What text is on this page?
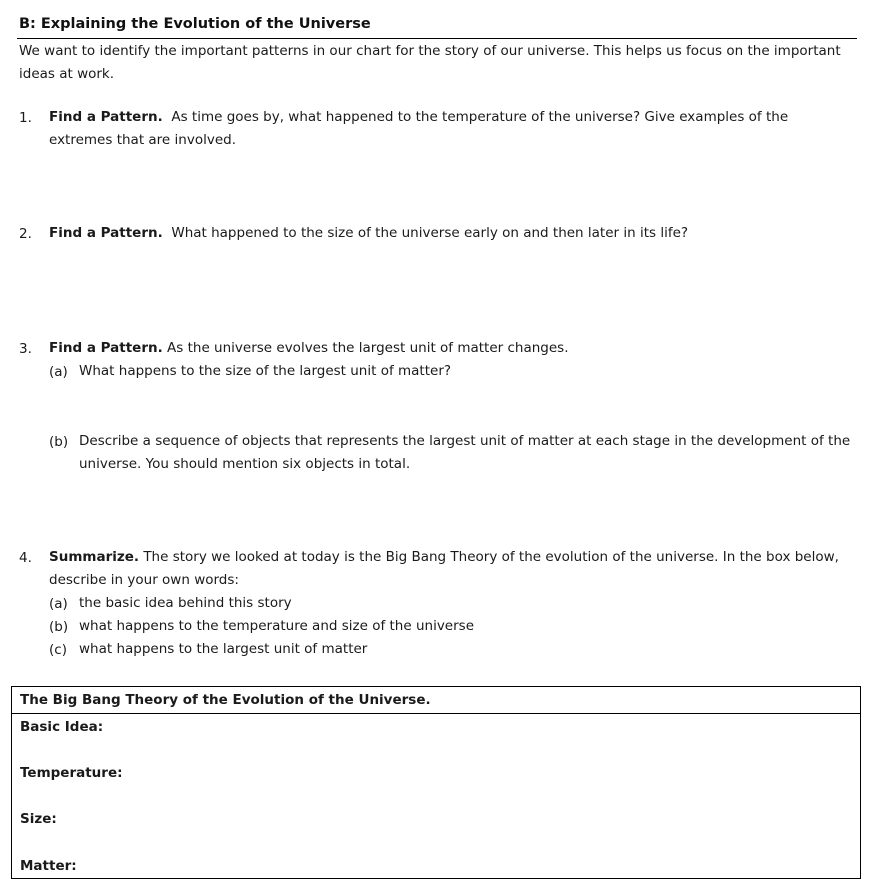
B: Explaining the Evolution of the Universe
We want to identify the important patterns in our chart for the story of our universe. This helps us focus on the important ideas at work.
1. Find a Pattern. As time goes by, what happened to the temperature of the universe? Give examples of the extremes that are involved.
2. Find a Pattern. What happened to the size of the universe early on and then later in its life?
3. Find a Pattern. As the universe evolves the largest unit of matter changes.
(a) What happens to the size of the largest unit of matter?
(b) Describe a sequence of objects that represents the largest unit of matter at each stage in the development of the universe. You should mention six objects in total.
4. Summarize. The story we looked at today is the Big Bang Theory of the evolution of the universe. In the box below, describe in your own words:
(a) the basic idea behind this story
(b) what happens to the temperature and size of the universe
(c) what happens to the largest unit of matter
The Big Bang Theory of the Evolution of the Universe.
Basic Idea:
Temperature:
Size:
Matter:
